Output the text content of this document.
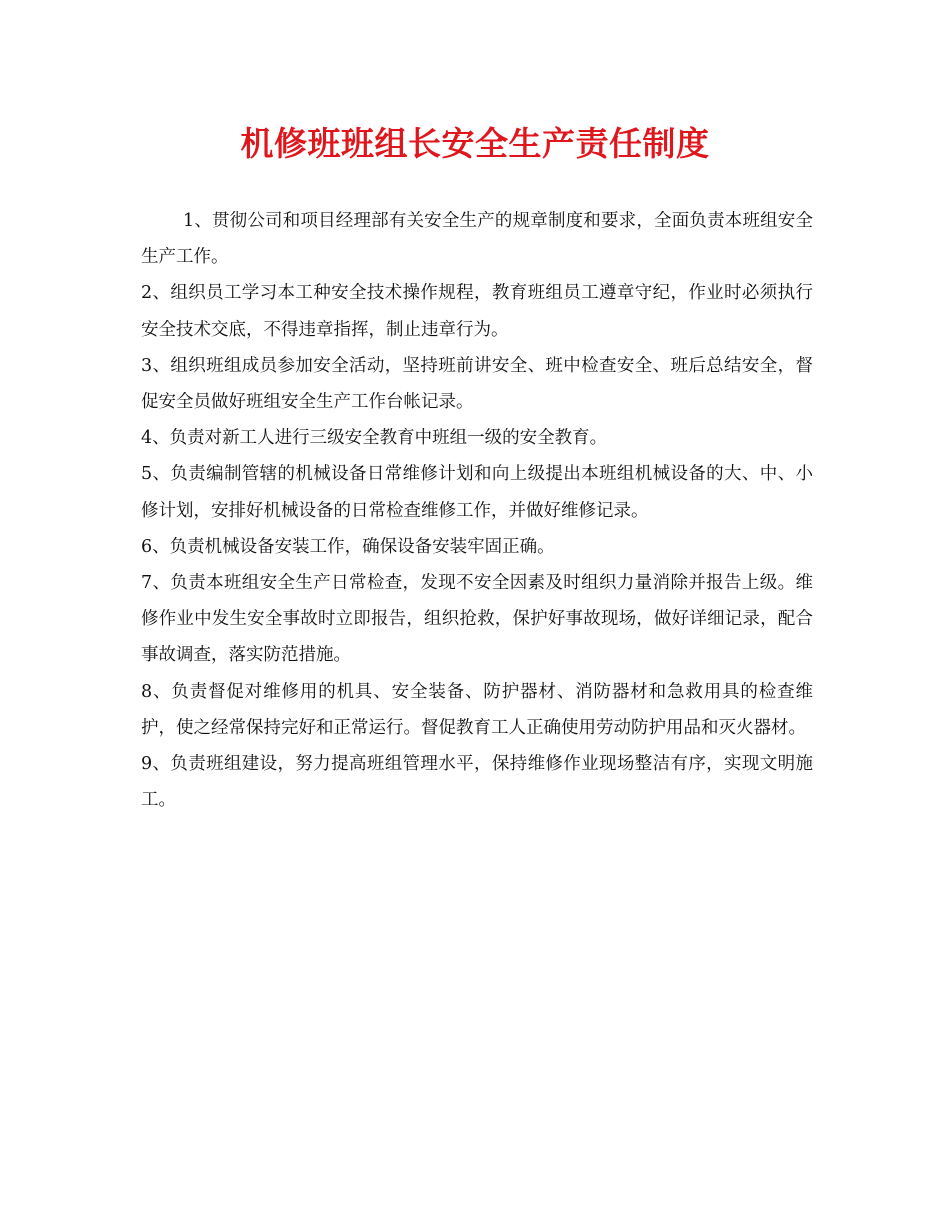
机修班班组长安全生产责任制度

1、贯彻公司和项目经理部有关安全生产的规章制度和要求，全面负责本班组安全生产工作。

2、组织员工学习本工种安全技术操作规程，教育班组员工遵章守纪，作业时必须执行安全技术交底，不得违章指挥，制止违章行为。

3、组织班组成员参加安全活动，坚持班前讲安全、班中检查安全、班后总结安全，督促安全员做好班组安全生产工作台帐记录。

4、负责对新工人进行三级安全教育中班组一级的安全教育。

5、负责编制管辖的机械设备日常维修计划和向上级提出本班组机械设备的大、中、小修计划，安排好机械设备的日常检查维修工作，并做好维修记录。

6、负责机械设备安装工作，确保设备安装牢固正确。

7、负责本班组安全生产日常检查，发现不安全因素及时组织力量消除并报告上级。维修作业中发生安全事故时立即报告，组织抢救，保护好事故现场，做好详细记录，配合事故调查，落实防范措施。

8、负责督促对维修用的机具、安全装备、防护器材、消防器材和急救用具的检查维护，使之经常保持完好和正常运行。督促教育工人正确使用劳动防护用品和灭火器材。

9、负责班组建设，努力提高班组管理水平，保持维修作业现场整洁有序，实现文明施工。
